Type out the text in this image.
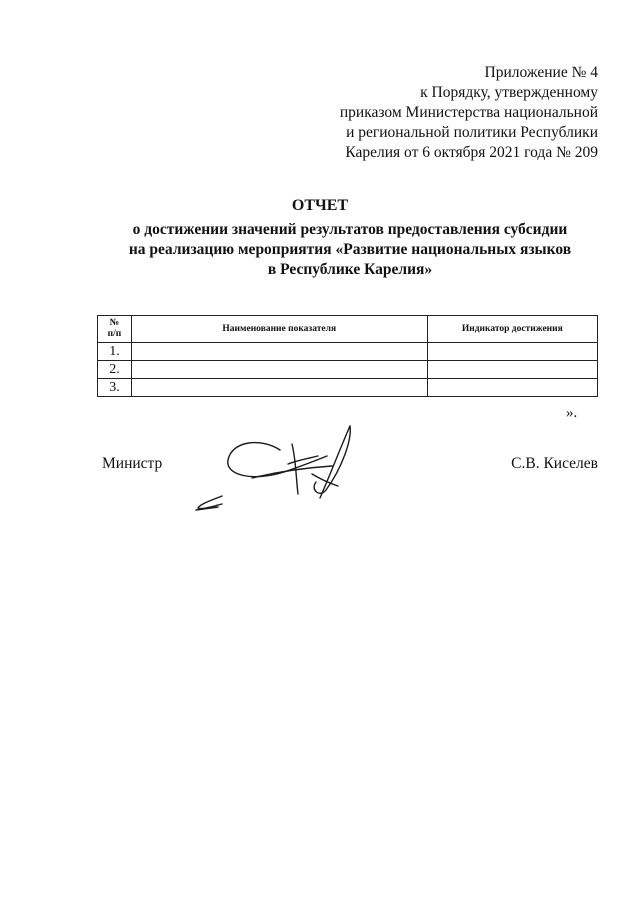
Приложение № 4
к Порядку, утвержденному
приказом Министерства национальной
и региональной политики Республики
Карелия от 6 октября 2021 года № 209
ОТЧЕТ
о достижении значений результатов предоставления субсидии
на реализацию мероприятия «Развитие национальных языков
в Республике Карелия»
№
п/п	Наименование показателя	Индикатор достижения
1.		
2.		
3.		
».
Министр	С.В. Киселев
